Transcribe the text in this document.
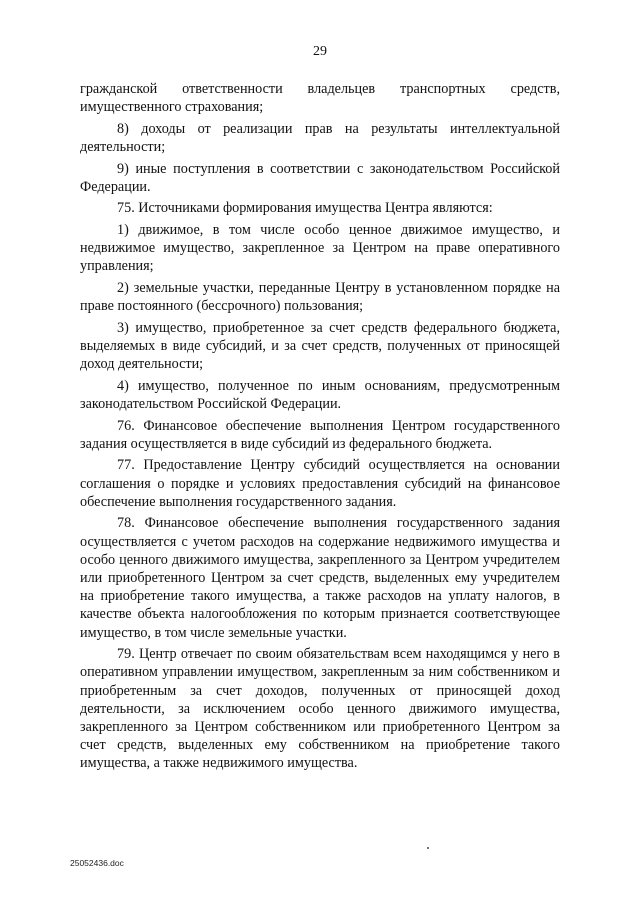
29

гражданской ответственности владельцев транспортных средств, имущественного страхования;

8) доходы от реализации прав на результаты интеллектуальной деятельности;

9) иные поступления в соответствии с законодательством Российской Федерации.

75. Источниками формирования имущества Центра являются:

1) движимое, в том числе особо ценное движимое имущество, и недвижимое имущество, закрепленное за Центром на праве оперативного управления;

2) земельные участки, переданные Центру в установленном порядке на праве постоянного (бессрочного) пользования;

3) имущество, приобретенное за счет средств федерального бюджета, выделяемых в виде субсидий, и за счет средств, полученных от приносящей доход деятельности;

4) имущество, полученное по иным основаниям, предусмотренным законодательством Российской Федерации.

76. Финансовое обеспечение выполнения Центром государственного задания осуществляется в виде субсидий из федерального бюджета.

77. Предоставление Центру субсидий осуществляется на основании соглашения о порядке и условиях предоставления субсидий на финансовое обеспечение выполнения государственного задания.

78. Финансовое обеспечение выполнения государственного задания осуществляется с учетом расходов на содержание недвижимого имущества и особо ценного движимого имущества, закрепленного за Центром учредителем или приобретенного Центром за счет средств, выделенных ему учредителем на приобретение такого имущества, а также расходов на уплату налогов, в качестве объекта налогообложения по которым признается соответствующее имущество, в том числе земельные участки.

79. Центр отвечает по своим обязательствам всем находящимся у него в оперативном управлении имуществом, закрепленным за ним собственником и приобретенным за счет доходов, полученных от приносящей доход деятельности, за исключением особо ценного движимого имущества, закрепленного за Центром собственником или приобретенного Центром за счет средств, выделенных ему собственником на приобретение такого имущества, а также недвижимого имущества.

25052436.doc
